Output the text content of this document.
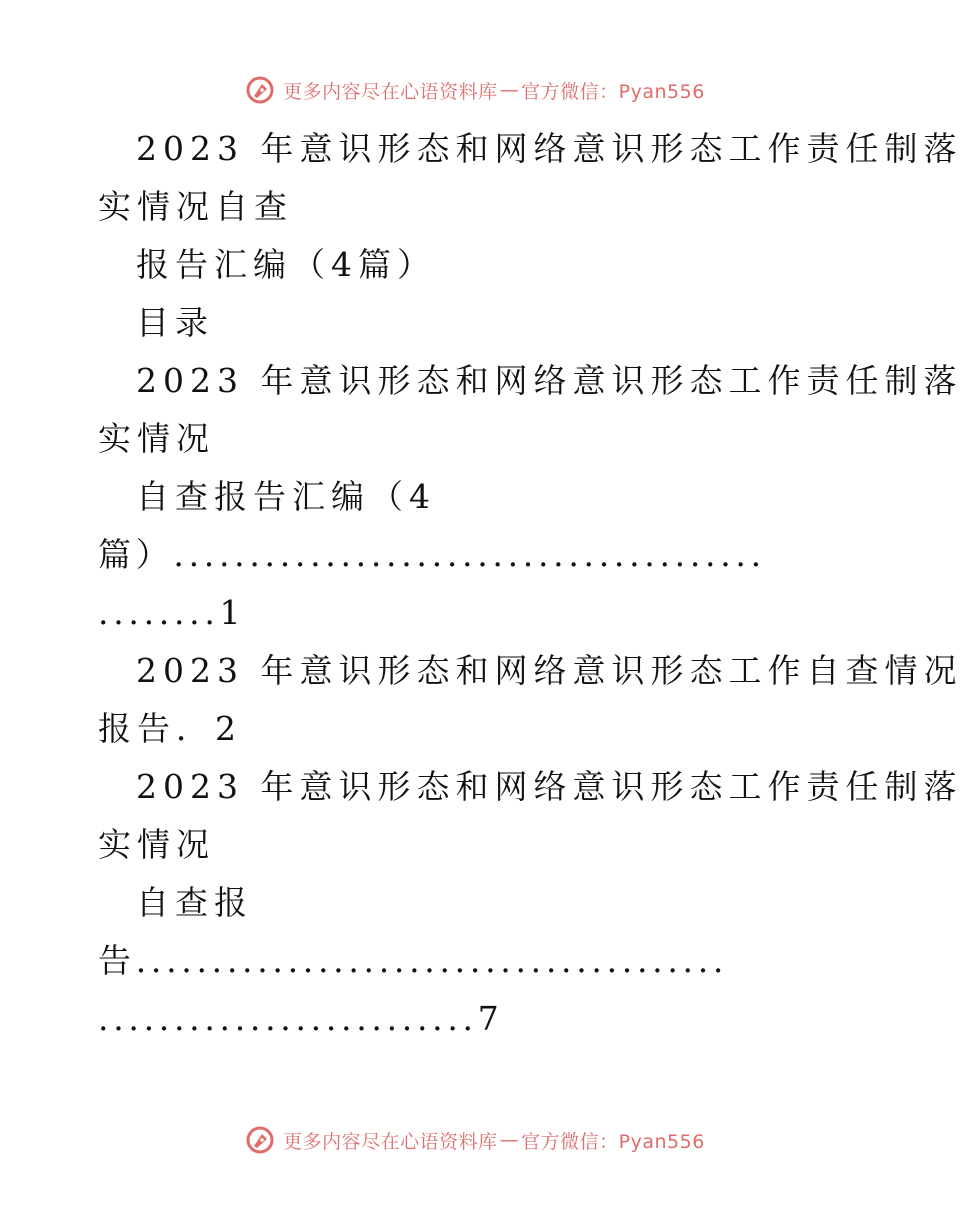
更多内容尽在心语资料库 — 官方微信：Pyan556
2023 年意识形态和网络意识形态工作责任制落
实情况自查
报告汇编（4篇）
目录
2023 年意识形态和网络意识形态工作责任制落
实情况
自查报告汇编（4
篇）.......................................
........1
2023 年意识形态和网络意识形态工作自查情况
报告．2
2023 年意识形态和网络意识形态工作责任制落
实情况
自查报
告.......................................
.........................7
更多内容尽在心语资料库 — 官方微信：Pyan556
